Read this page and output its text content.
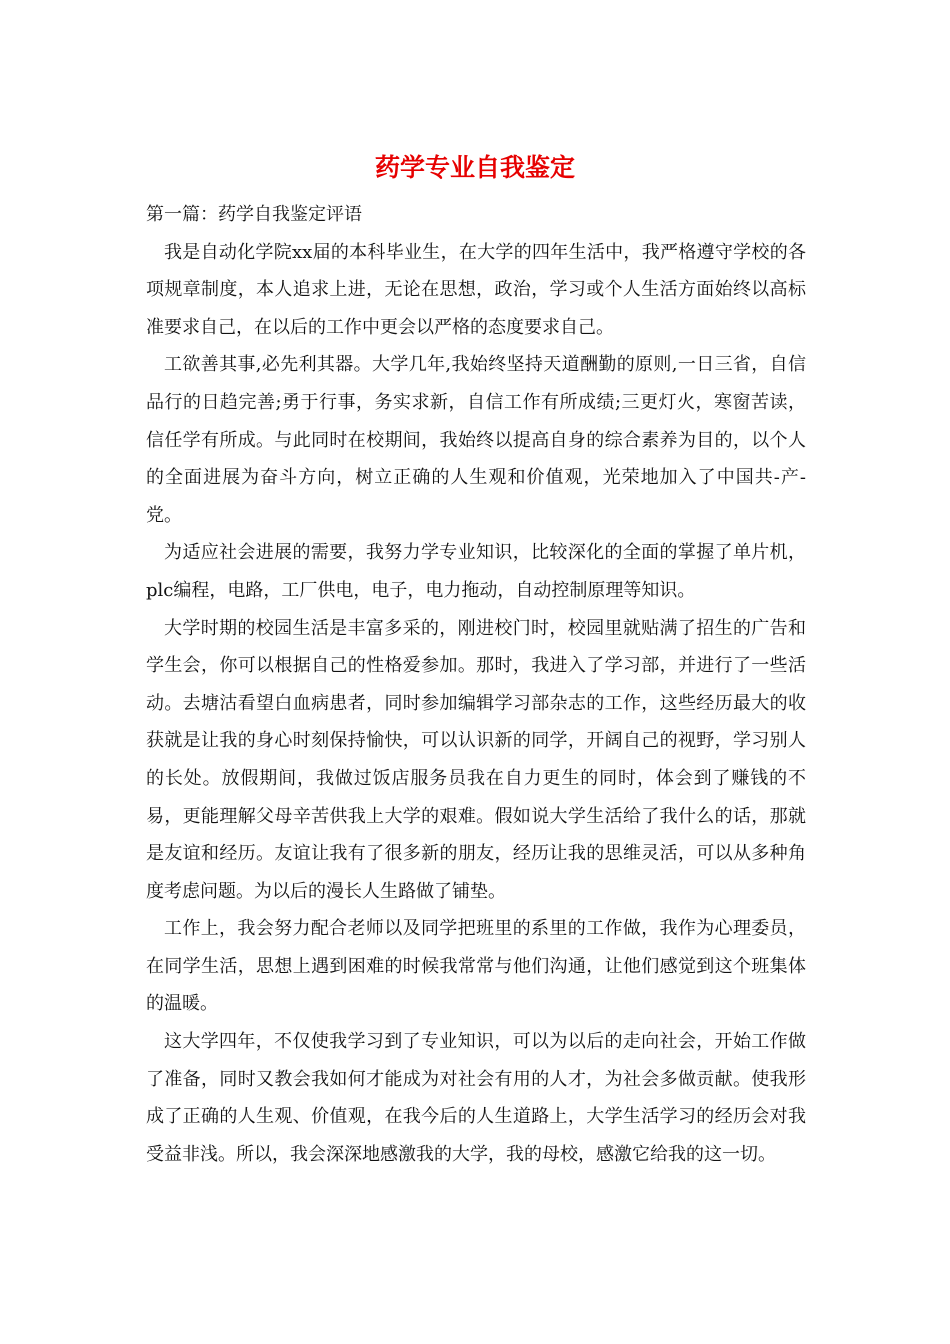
药学专业自我鉴定

第一篇：药学自我鉴定评语

我是自动化学院xx届的本科毕业生，在大学的四年生活中，我严格遵守学校的各项规章制度，本人追求上进，无论在思想，政治，学习或个人生活方面始终以高标准要求自己，在以后的工作中更会以严格的态度要求自己。

工欲善其事,必先利其器。大学几年,我始终坚持天道酬勤的原则,一日三省，自信品行的日趋完善;勇于行事，务实求新，自信工作有所成绩;三更灯火，寒窗苦读，信任学有所成。与此同时在校期间，我始终以提高自身的综合素养为目的，以个人的全面进展为奋斗方向，树立正确的人生观和价值观，光荣地加入了中国共-产-党。

为适应社会进展的需要，我努力学专业知识，比较深化的全面的掌握了单片机，plc编程，电路，工厂供电，电子，电力拖动，自动控制原理等知识。

大学时期的校园生活是丰富多采的，刚进校门时，校园里就贴满了招生的广告和学生会，你可以根据自己的性格爱参加。那时，我进入了学习部，并进行了一些活动。去塘沽看望白血病患者，同时参加编辑学习部杂志的工作，这些经历最大的收获就是让我的身心时刻保持愉快，可以认识新的同学，开阔自己的视野，学习别人的长处。放假期间，我做过饭店服务员我在自力更生的同时，体会到了赚钱的不易，更能理解父母辛苦供我上大学的艰难。假如说大学生活给了我什么的话，那就是友谊和经历。友谊让我有了很多新的朋友，经历让我的思维灵活，可以从多种角度考虑问题。为以后的漫长人生路做了铺垫。

工作上，我会努力配合老师以及同学把班里的系里的工作做，我作为心理委员，在同学生活，思想上遇到困难的时候我常常与他们沟通，让他们感觉到这个班集体的温暖。

这大学四年，不仅使我学习到了专业知识，可以为以后的走向社会，开始工作做了准备，同时又教会我如何才能成为对社会有用的人才，为社会多做贡献。使我形成了正确的人生观、价值观，在我今后的人生道路上，大学生活学习的经历会对我受益非浅。所以，我会深深地感激我的大学，我的母校，感激它给我的这一切。
